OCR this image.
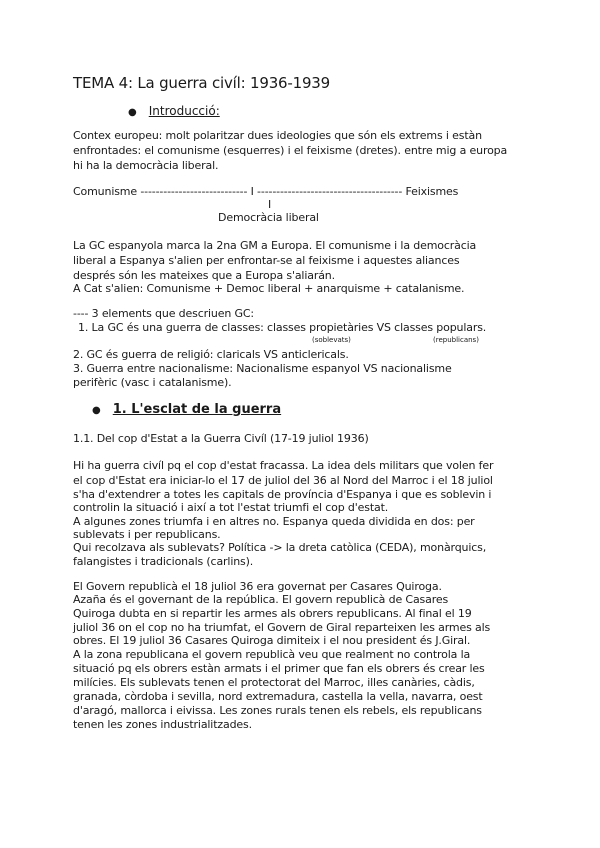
TEMA 4: La guerra civíl: 1936-1939
● Introducció:
Contex europeu: molt polaritzar dues ideologies que són els extrems i estàn
enfrontades: el comunisme (esquerres) i el feixisme (dretes). entre mig a europa
hi ha la democràcia liberal.
Comunisme ---------------------------- I -------------------------------------- Feixismes
I
Democràcia liberal
La GC espanyola marca la 2na GM a Europa. El comunisme i la democràcia
liberal a Espanya s'alien per enfrontar-se al feixisme i aquestes aliances
després són les mateixes que a Europa s'aliarán.
A Cat s'alien: Comunisme + Democ liberal + anarquisme + catalanisme.
---- 3 elements que descriuen GC:
1. La GC és una guerra de classes: classes propietàries VS classes populars.
(soblevats)	(republicans)
2. GC és guerra de religió: claricals VS anticlericals.
3. Guerra entre nacionalisme: Nacionalisme espanyol VS nacionalisme
perifèric (vasc i catalanisme).
● 1. L'esclat de la guerra
1.1. Del cop d'Estat a la Guerra Civíl (17-19 juliol 1936)
Hi ha guerra civíl pq el cop d'estat fracassa. La idea dels militars que volen fer
el cop d'Estat era iniciar-lo el 17 de juliol del 36 al Nord del Marroc i el 18 juliol
s'ha d'extendrer a totes les capitals de província d'Espanya i que es soblevin i
controlin la situació i així a tot l'estat triumfi el cop d'estat.
A algunes zones triumfa i en altres no. Espanya queda dividida en dos: per
sublevats i per republicans.
Qui recolzava als sublevats? Política -> la dreta catòlica (CEDA), monàrquics,
falangistes i tradicionals (carlins).
El Govern republicà el 18 juliol 36 era governat per Casares Quiroga.
Azaña és el governant de la república. El govern republicà de Casares
Quiroga dubta en si repartir les armes als obrers republicans. Al final el 19
juliol 36 on el cop no ha triumfat, el Govern de Giral reparteixen les armes als
obres. El 19 juliol 36 Casares Quiroga dimiteix i el nou president és J.Giral.
A la zona republicana el govern republicà veu que realment no controla la
situació pq els obrers estàn armats i el primer que fan els obrers és crear les
milícies. Els sublevats tenen el protectorat del Marroc, illes canàries, càdis,
granada, còrdoba i sevilla, nord extremadura, castella la vella, navarra, oest
d'aragó, mallorca i eivissa. Les zones rurals tenen els rebels, els republicans
tenen les zones industrialitzades.
